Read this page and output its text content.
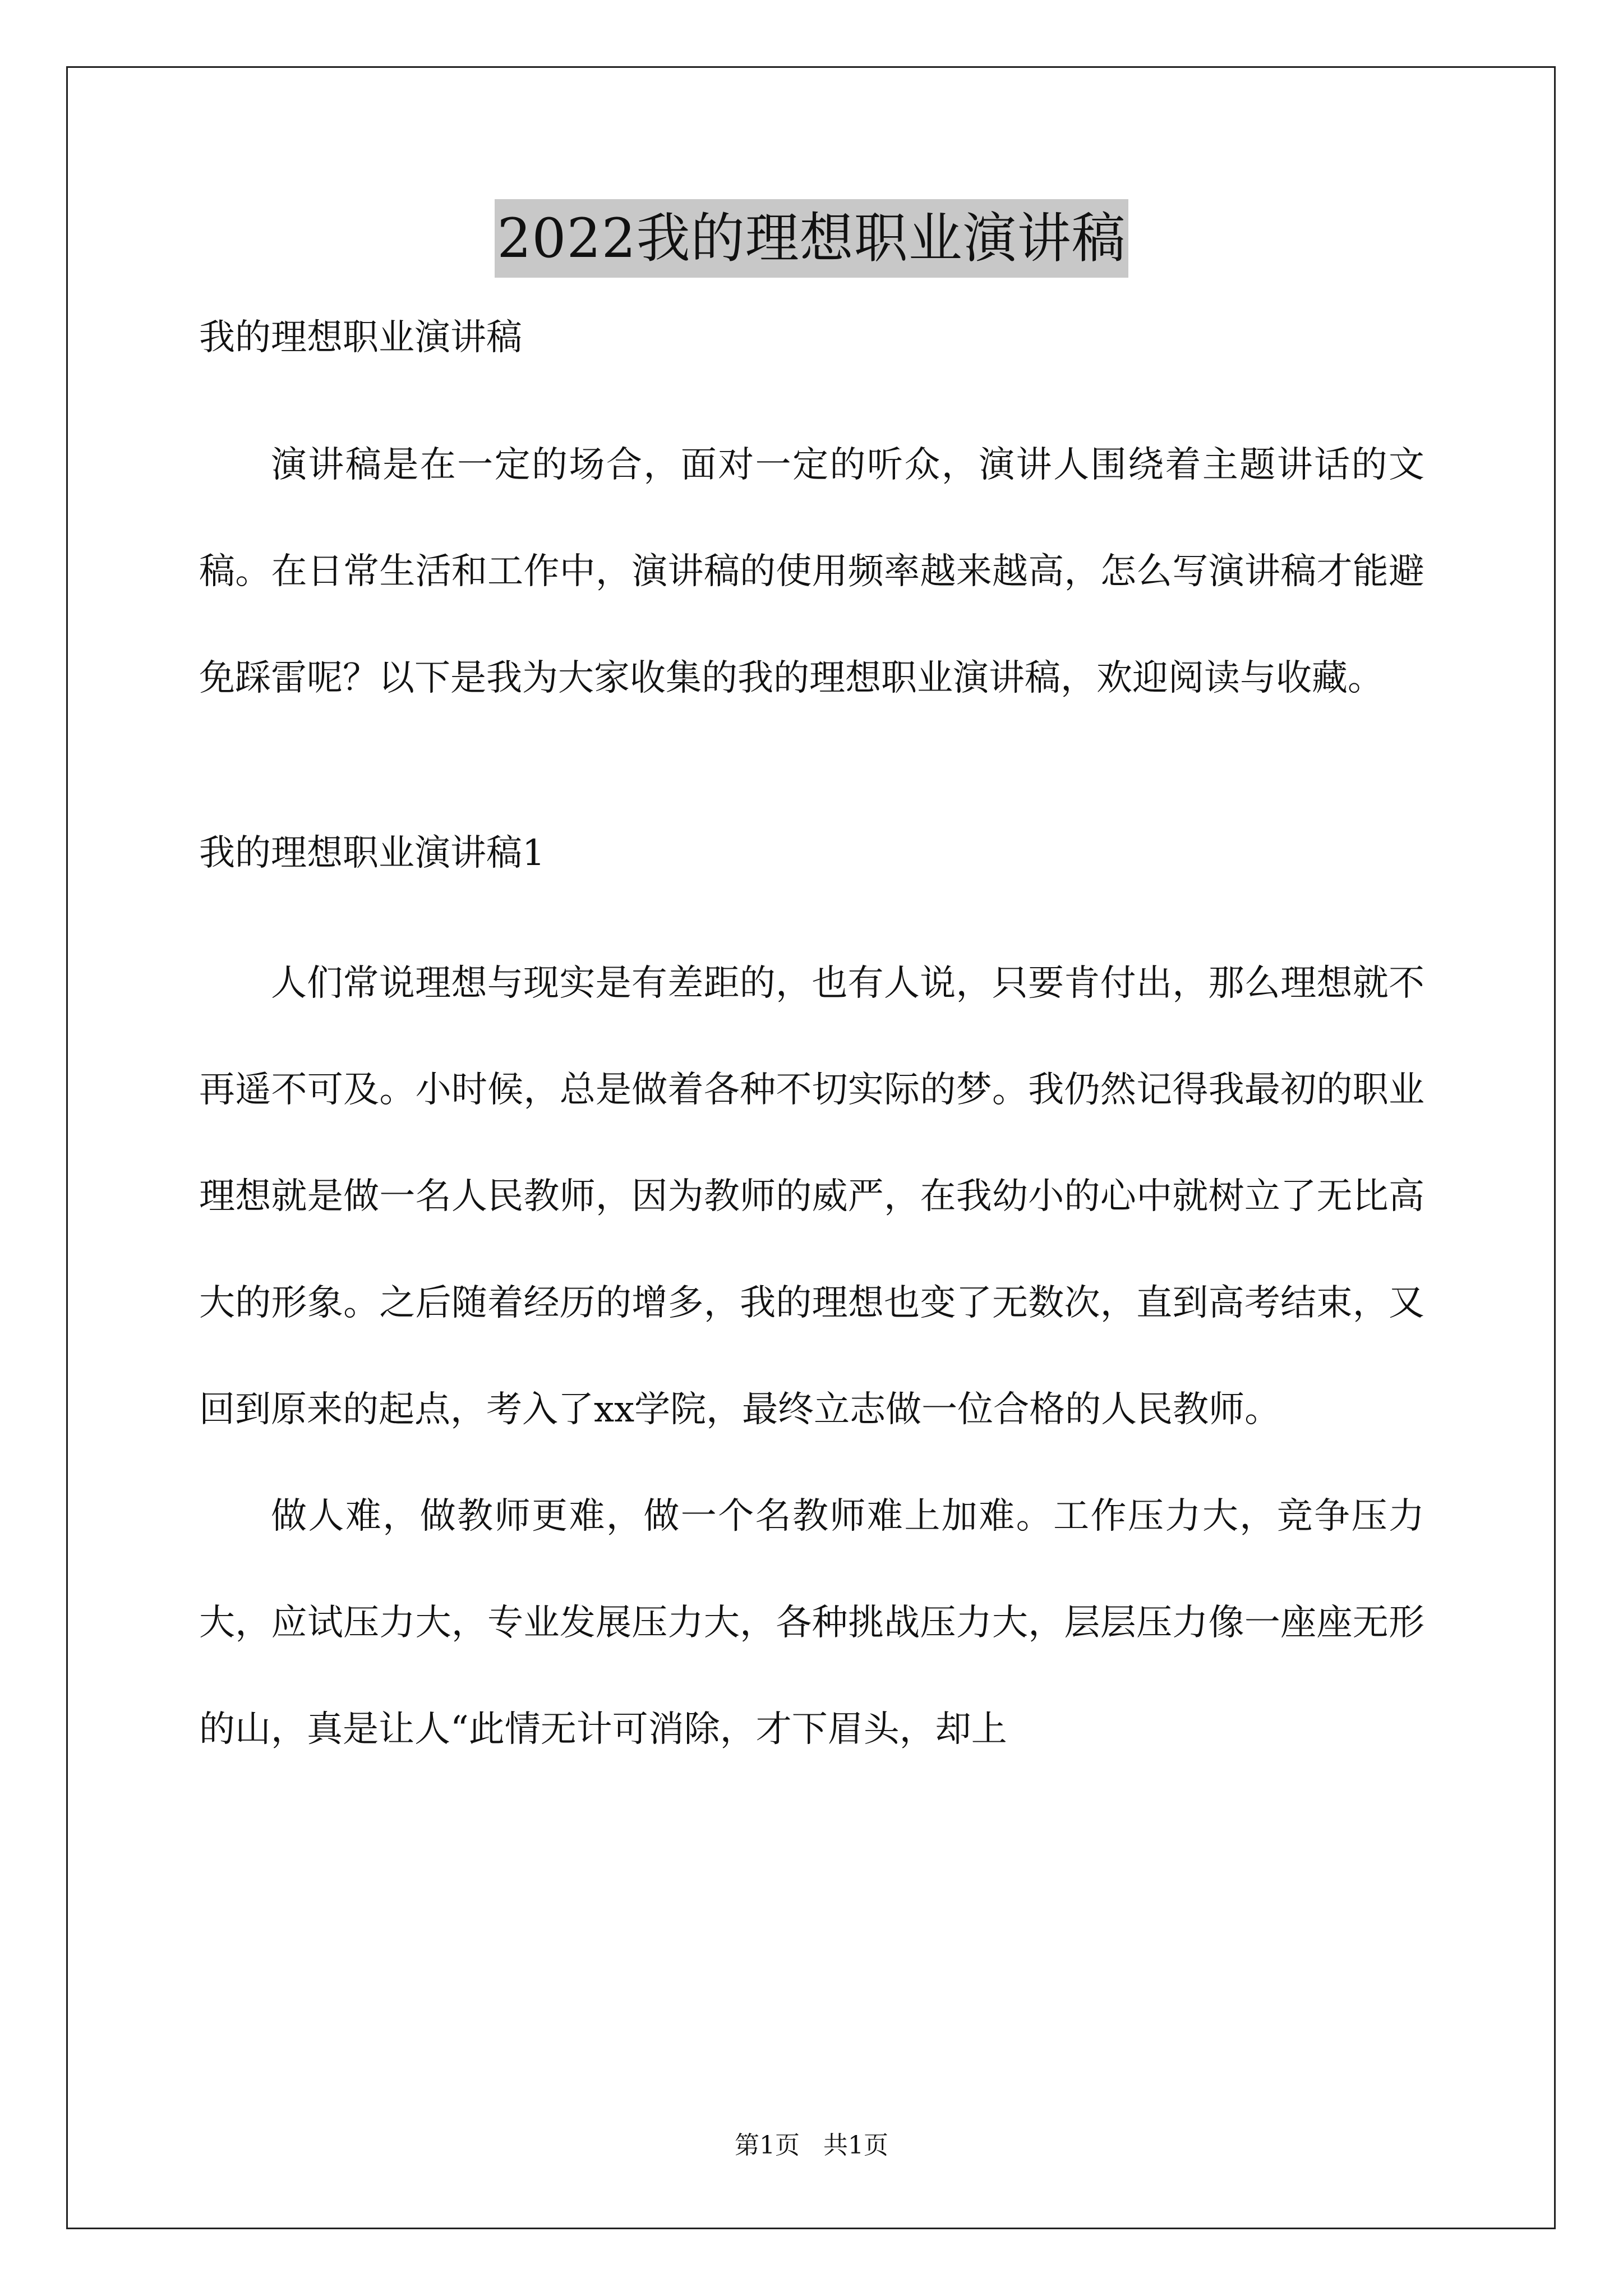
2022我的理想职业演讲稿

我的理想职业演讲稿

演讲稿是在一定的场合，面对一定的听众，演讲人围绕着主题讲话的文稿。在日常生活和工作中，演讲稿的使用频率越来越高，怎么写演讲稿才能避免踩雷呢？以下是我为大家收集的我的理想职业演讲稿，欢迎阅读与收藏。

我的理想职业演讲稿1

人们常说理想与现实是有差距的，也有人说，只要肯付出，那么理想就不再遥不可及。小时候，总是做着各种不切实际的梦。我仍然记得我最初的职业理想就是做一名人民教师，因为教师的威严，在我幼小的心中就树立了无比高大的形象。之后随着经历的增多，我的理想也变了无数次，直到高考结束，又回到原来的起点，考入了xx学院，最终立志做一位合格的人民教师。

做人难，做教师更难，做一个名教师难上加难。工作压力大，竞争压力大，应试压力大，专业发展压力大，各种挑战压力大，层层压力像一座座无形的山，真是让人“此情无计可消除，才下眉头，却上

第1页   共1页
